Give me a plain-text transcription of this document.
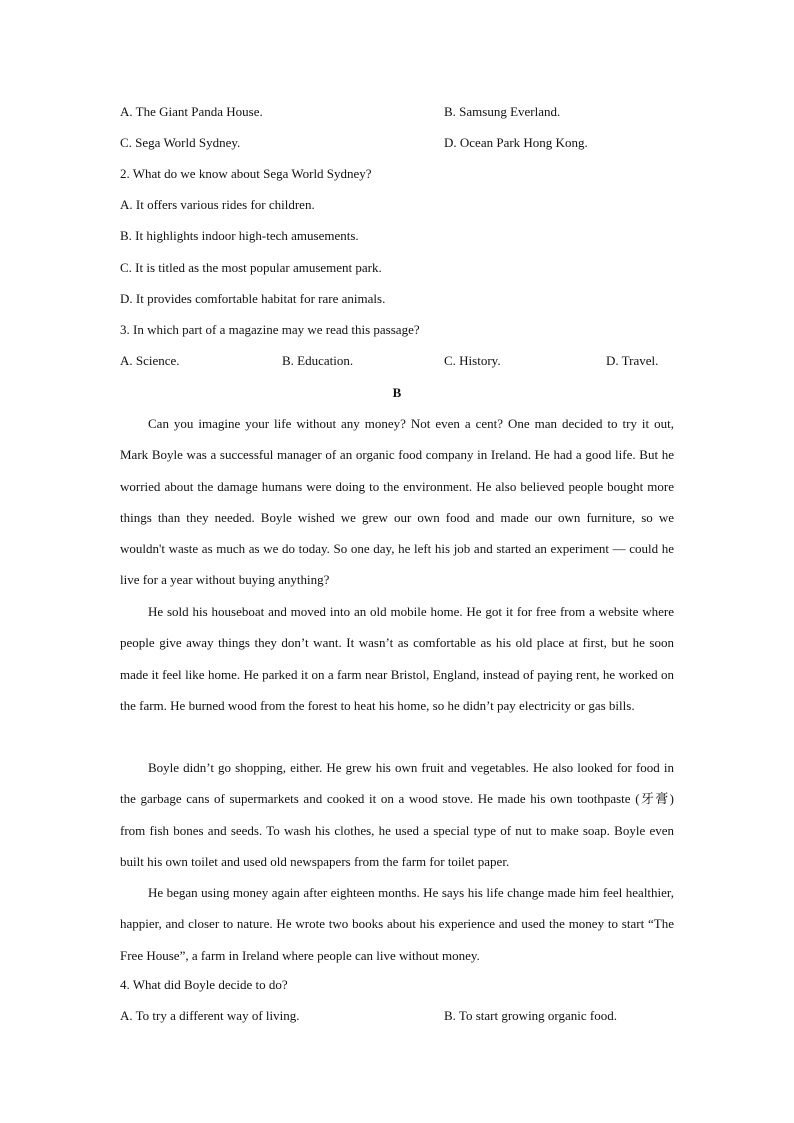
A. The Giant Panda House.	B. Samsung Everland.
C. Sega World Sydney.	D. Ocean Park Hong Kong.
2. What do we know about Sega World Sydney?
A. It offers various rides for children.
B. It highlights indoor high-tech amusements.
C. It is titled as the most popular amusement park.
D. It provides comfortable habitat for rare animals.
3. In which part of a magazine may we read this passage?
A. Science.	B. Education.	C. History.	D. Travel.
B

Can you imagine your life without any money? Not even a cent? One man decided to try it out, Mark Boyle was a successful manager of an organic food company in Ireland. He had a good life. But he worried about the damage humans were doing to the environment. He also believed people bought more things than they needed. Boyle wished we grew our own food and made our own furniture, so we wouldn't waste as much as we do today. So one day, he left his job and started an experiment — could he live for a year without buying anything?

He sold his houseboat and moved into an old mobile home. He got it for free from a website where people give away things they don’t want. It wasn’t as comfortable as his old place at first, but he soon made it feel like home. He parked it on a farm near Bristol, England, instead of paying rent, he worked on the farm. He burned wood from the forest to heat his home, so he didn’t pay electricity or gas bills.

Boyle didn’t go shopping, either. He grew his own fruit and vegetables. He also looked for food in the garbage cans of supermarkets and cooked it on a wood stove. He made his own toothpaste (牙膏) from fish bones and seeds. To wash his clothes, he used a special type of nut to make soap. Boyle even built his own toilet and used old newspapers from the farm for toilet paper.

He began using money again after eighteen months. He says his life change made him feel healthier, happier, and closer to nature. He wrote two books about his experience and used the money to start “The Free House”, a farm in Ireland where people can live without money.

4. What did Boyle decide to do?
A. To try a different way of living.	B. To start growing organic food.
